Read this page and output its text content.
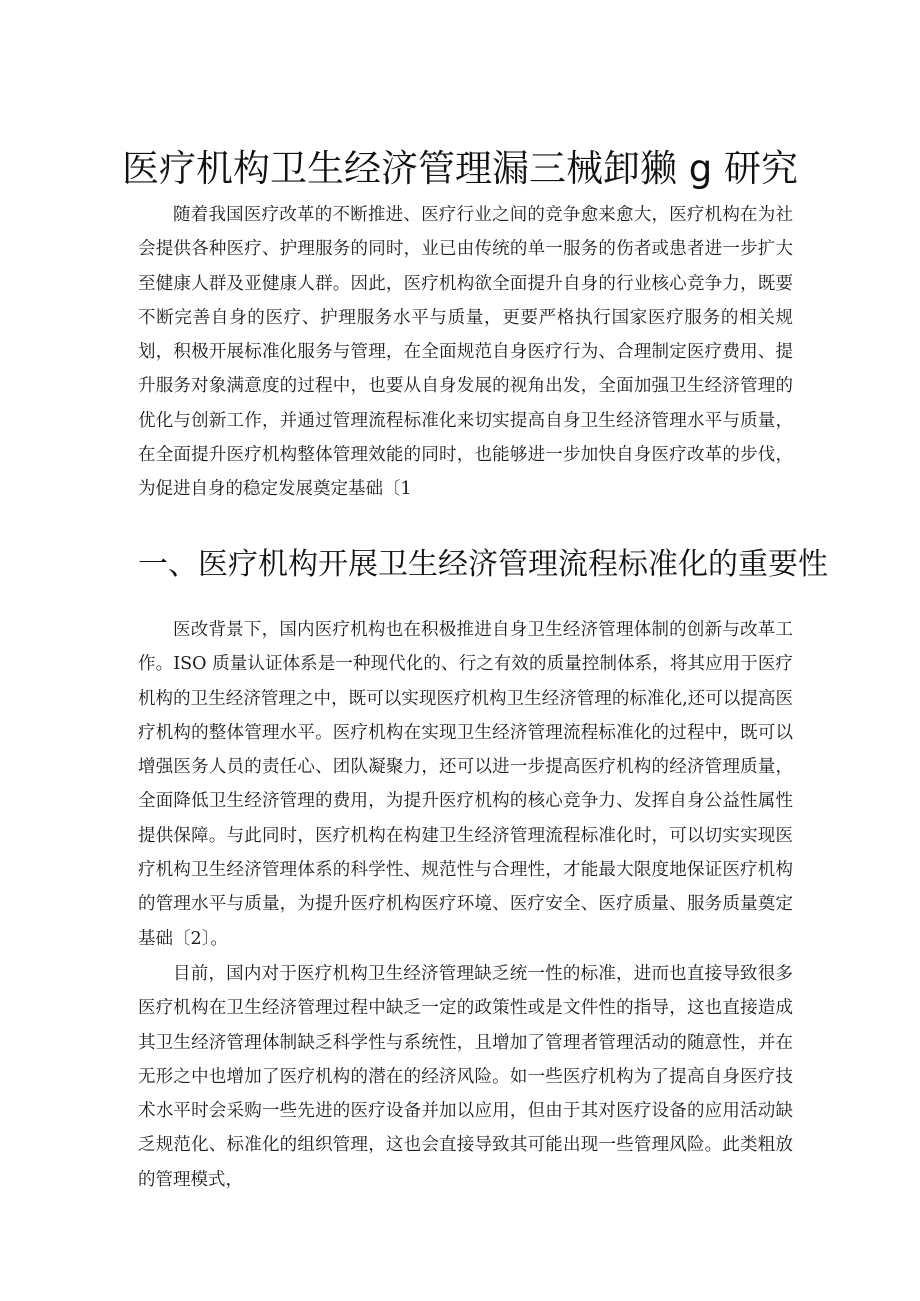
医疗机构卫生经济管理漏三械卸獭 g 研究

随着我国医疗改革的不断推进、医疗行业之间的竞争愈来愈大，医疗机构在为社会提供各种医疗、护理服务的同时，业已由传统的单一服务的伤者或患者进一步扩大至健康人群及亚健康人群。因此，医疗机构欲全面提升自身的行业核心竞争力，既要不断完善自身的医疗、护理服务水平与质量，更要严格执行国家医疗服务的相关规划，积极开展标准化服务与管理，在全面规范自身医疗行为、合理制定医疗费用、提升服务对象满意度的过程中，也要从自身发展的视角出发，全面加强卫生经济管理的优化与创新工作，并通过管理流程标准化来切实提高自身卫生经济管理水平与质量，在全面提升医疗机构整体管理效能的同时，也能够进一步加快自身医疗改革的步伐，为促进自身的稳定发展奠定基础〔1

一、医疗机构开展卫生经济管理流程标准化的重要性

医改背景下，国内医疗机构也在积极推进自身卫生经济管理体制的创新与改革工作。ISO 质量认证体系是一种现代化的、行之有效的质量控制体系，将其应用于医疗机构的卫生经济管理之中，既可以实现医疗机构卫生经济管理的标准化,还可以提高医疗机构的整体管理水平。医疗机构在实现卫生经济管理流程标准化的过程中，既可以增强医务人员的责任心、团队凝聚力，还可以进一步提高医疗机构的经济管理质量，全面降低卫生经济管理的费用，为提升医疗机构的核心竞争力、发挥自身公益性属性提供保障。与此同时，医疗机构在构建卫生经济管理流程标准化时，可以切实实现医疗机构卫生经济管理体系的科学性、规范性与合理性，才能最大限度地保证医疗机构的管理水平与质量，为提升医疗机构医疗环境、医疗安全、医疗质量、服务质量奠定基础〔2〕。

目前，国内对于医疗机构卫生经济管理缺乏统一性的标准，进而也直接导致很多医疗机构在卫生经济管理过程中缺乏一定的政策性或是文件性的指导，这也直接造成其卫生经济管理体制缺乏科学性与系统性，且增加了管理者管理活动的随意性，并在无形之中也增加了医疗机构的潜在的经济风险。如一些医疗机构为了提高自身医疗技术水平时会采购一些先进的医疗设备并加以应用，但由于其对医疗设备的应用活动缺乏规范化、标准化的组织管理，这也会直接导致其可能出现一些管理风险。此类粗放的管理模式，
